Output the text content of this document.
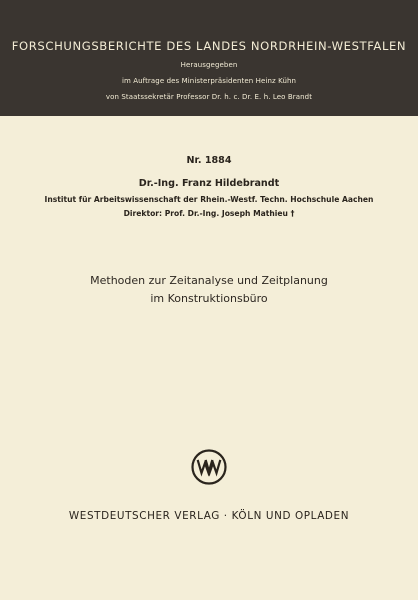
FORSCHUNGSBERICHTE DES LANDES NORDRHEIN-WESTFALEN
Herausgegeben
im Auftrage des Ministerpräsidenten Heinz Kühn
von Staatssekretär Professor Dr. h. c. Dr. E. h. Leo Brandt
Nr. 1884
Dr.-Ing. Franz Hildebrandt
Institut für Arbeitswissenschaft der Rhein.-Westf. Techn. Hochschule Aachen
Direktor: Prof. Dr.-Ing. Joseph Mathieu †
Methoden zur Zeitanalyse und Zeitplanung
im Konstruktionsbüro
WESTDEUTSCHER VERLAG · KÖLN UND OPLADEN
